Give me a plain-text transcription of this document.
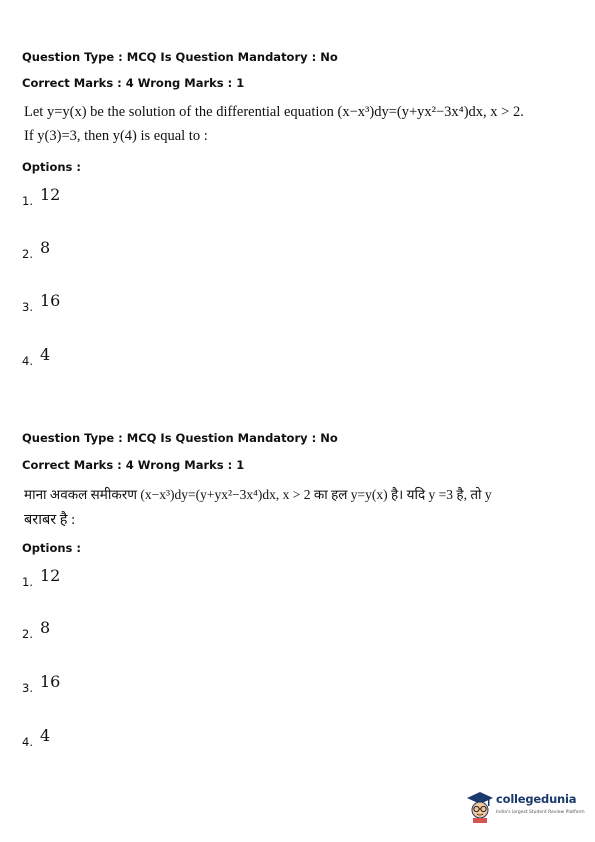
Question Type : MCQ Is Question Mandatory : No
Correct Marks : 4 Wrong Marks : 1
Let y=y(x) be the solution of the differential equation (x−x³)dy=(y+yx²−3x⁴)dx, x > 2.
If y(3)=3, then y(4) is equal to :
Options :
1. 12
2. 8
3. 16
4. 4
Question Type : MCQ Is Question Mandatory : No
Correct Marks : 4 Wrong Marks : 1
माना अवकल समीकरण (x−x³)dy=(y+yx²−3x⁴)dx, x > 2 का हल y=y(x) है। यदि y =3 है, तो y
बराबर है :
Options :
1. 12
2. 8
3. 16
4. 4
collegedunia
India's largest Student Review Platform
